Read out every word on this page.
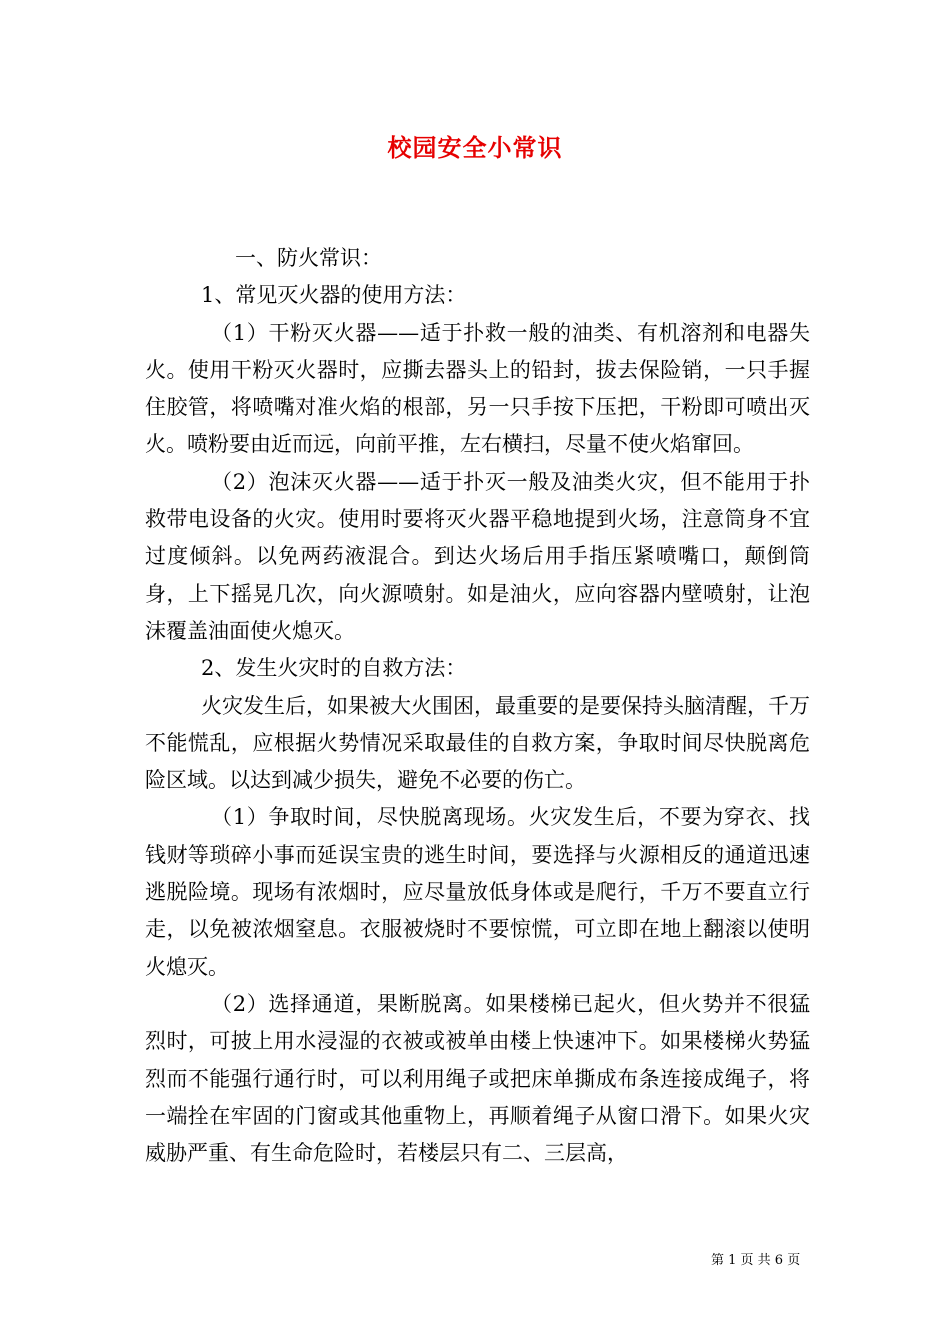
校园安全小常识

一、防火常识：

1、常见灭火器的使用方法：

（1）干粉灭火器——适于扑救一般的油类、有机溶剂和电器失火。使用干粉灭火器时，应撕去器头上的铅封，拔去保险销，一只手握住胶管，将喷嘴对准火焰的根部，另一只手按下压把，干粉即可喷出灭火。喷粉要由近而远，向前平推，左右横扫，尽量不使火焰窜回。

（2）泡沫灭火器——适于扑灭一般及油类火灾，但不能用于扑救带电设备的火灾。使用时要将灭火器平稳地提到火场，注意筒身不宜过度倾斜。以免两药液混合。到达火场后用手指压紧喷嘴口，颠倒筒身，上下摇晃几次，向火源喷射。如是油火，应向容器内壁喷射，让泡沫覆盖油面使火熄灭。

2、发生火灾时的自救方法：

火灾发生后，如果被大火围困，最重要的是要保持头脑清醒，千万不能慌乱，应根据火势情况采取最佳的自救方案，争取时间尽快脱离危险区域。以达到减少损失，避免不必要的伤亡。

（1）争取时间，尽快脱离现场。火灾发生后，不要为穿衣、找钱财等琐碎小事而延误宝贵的逃生时间，要选择与火源相反的通道迅速逃脱险境。现场有浓烟时，应尽量放低身体或是爬行，千万不要直立行走，以免被浓烟窒息。衣服被烧时不要惊慌，可立即在地上翻滚以使明火熄灭。

（2）选择通道，果断脱离。如果楼梯已起火，但火势并不很猛烈时，可披上用水浸湿的衣被或被单由楼上快速冲下。如果楼梯火势猛烈而不能强行通行时，可以利用绳子或把床单撕成布条连接成绳子，将一端拴在牢固的门窗或其他重物上，再顺着绳子从窗口滑下。如果火灾威胁严重、有生命危险时，若楼层只有二、三层高，

第 1 页 共 6 页
